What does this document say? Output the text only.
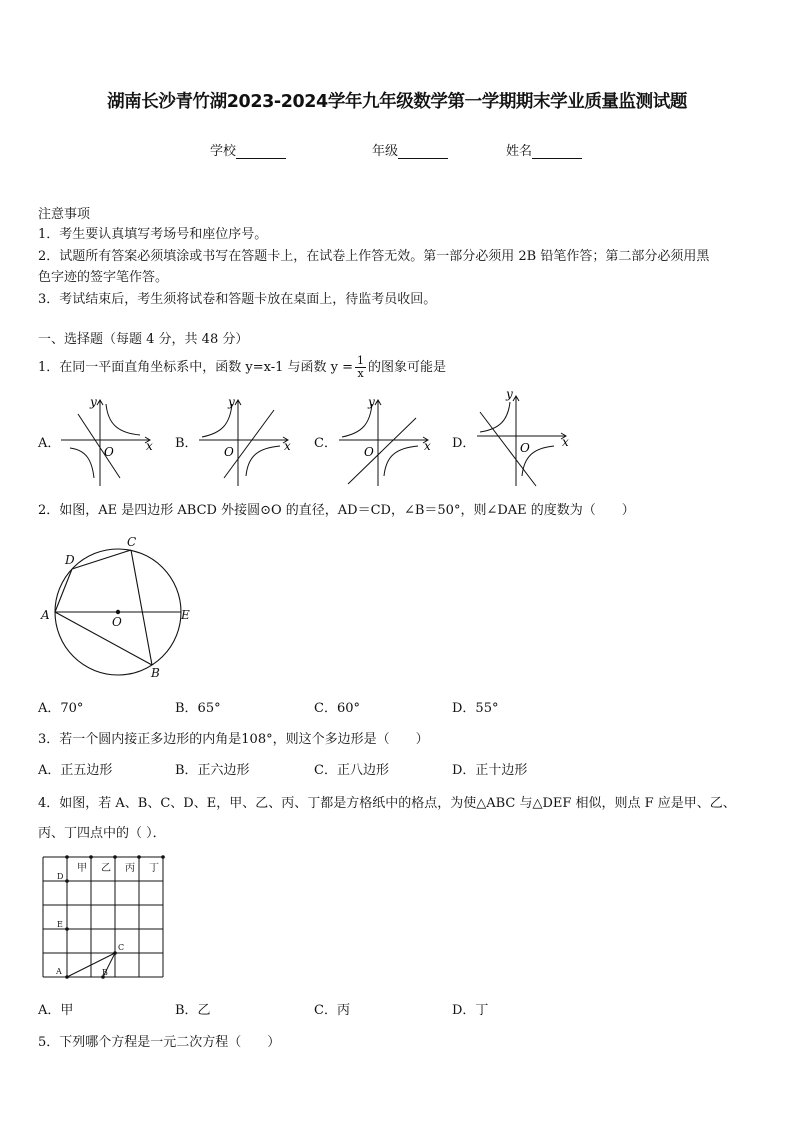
湖南长沙青竹湖2023-2024学年九年级数学第一学期期末学业质量监测试题
学校	年级	姓名
注意事项
1．考生要认真填写考场号和座位序号。
2．试题所有答案必须填涂或书写在答题卡上，在试卷上作答无效。第一部分必须用 2B 铅笔作答；第二部分必须用黑
色字迹的签字笔作答。
3．考试结束后，考生须将试卷和答题卡放在桌面上，待监考员收回。
一、选择题（每题 4 分，共 48 分）
1．在同一平面直角坐标系中，函数 y=x-1 与函数 $y = \frac{1}{x}$ 的图象可能是
A．	B．	C．	D．
x
y
O	x
y
O	x
y
O
x
y
O
2．如图，AE 是四边形 ABCD 外接圆⊙O 的直径，AD＝CD，∠B＝50°，则∠DAE 的度数为（　　）
A
D
C
E
O
B
A．70°	B．65°	C．60°	D．55°
3．若一个圆内接正多边形的内角是108°，则这个多边形是（　　）
A．正五边形	B．正六边形	C．正八边形	D．正十边形
4．如图，若 A、B、C、D、E，甲、乙、丙、丁都是方格纸中的格点，为使△ABC 与△DEF 相似，则点 F 应是甲、乙、
丙、丁四点中的（ ）．
甲 乙 丙 丁
D
E
A	B
C
A．甲	B．乙	C．丙	D．丁
5．下列哪个方程是一元二次方程（　　）
